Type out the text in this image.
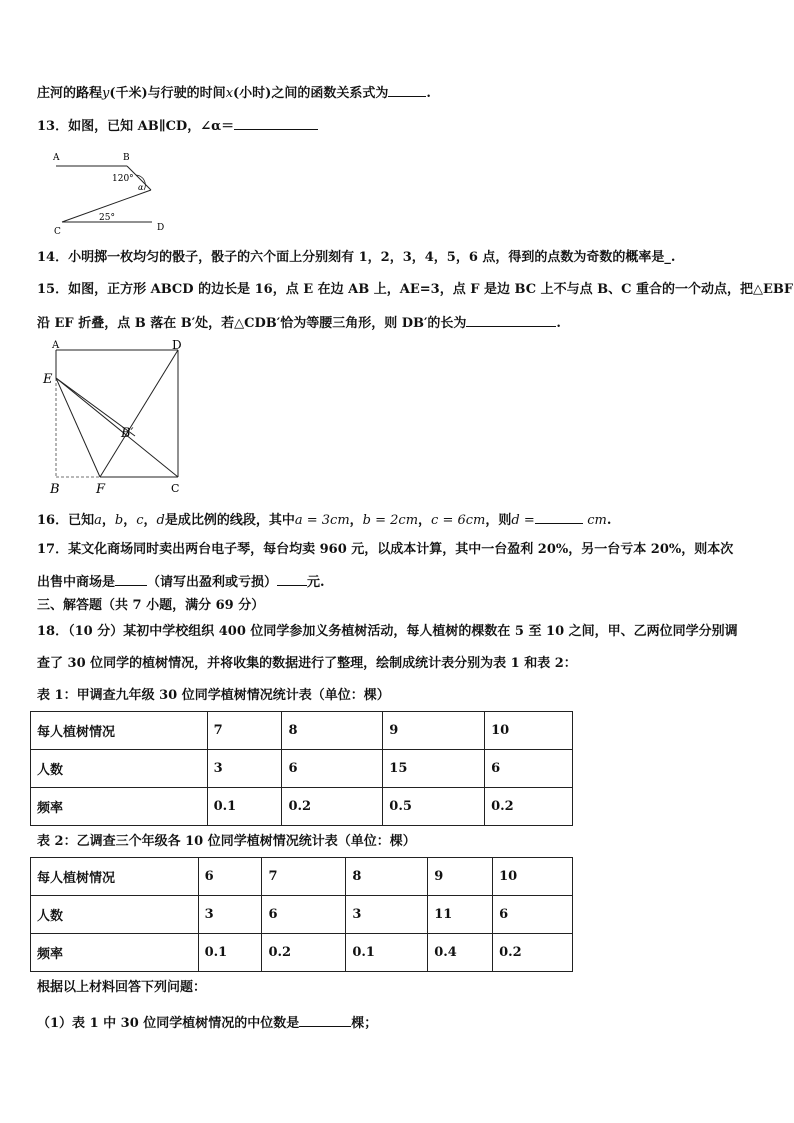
庄河的路程y(千米)与行驶的时间x(小时)之间的函数关系式为	.
13．如图，已知 AB∥CD，∠α＝
A	B
C	D
120°
25°
α
14．小明掷一枚均匀的骰子，骰子的六个面上分别刻有 1，2，3，4，5，6 点，得到的点数为奇数的概率是_.
15．如图，正方形 ABCD 的边长是 16，点 E 在边 AB 上，AE=3，点 F 是边 BC 上不与点 B、C 重合的一个动点，把△EBF
沿 EF 折叠，点 B 落在 B′处，若△CDB′恰为等腰三角形，则 DB′的长为	.
A	D
E
B′
B	F	C
16．已知a，b，c，d是成比例的线段，其中a = 3cm，b = 2cm，c = 6cm，则d =	cm.
17．某文化商场同时卖出两台电子琴，每台均卖 960 元，以成本计算，其中一台盈利 20%，另一台亏本 20%，则本次
出售中商场是 （请写出盈利或亏损） 元.
三、解答题（共 7 小题，满分 69 分）
18．（10 分）某初中学校组织 400 位同学参加义务植树活动，每人植树的棵数在 5 至 10 之间，甲、乙两位同学分别调
查了 30 位同学的植树情况，并将收集的数据进行了整理，绘制成统计表分别为表 1 和表 2：
表 1：甲调查九年级 30 位同学植树情况统计表（单位：棵）
每人植树情况	7	8	9	10
人数	3	6	15	6
频率	0.1	0.2	0.5	0.2
表 2：乙调查三个年级各 10 位同学植树情况统计表（单位：棵）
每人植树情况	6	7	8	9	10
人数	3	6	3	11	6
频率	0.1	0.2	0.1	0.4	0.2
根据以上材料回答下列问题：
（1）表 1 中 30 位同学植树情况的中位数是	棵；
